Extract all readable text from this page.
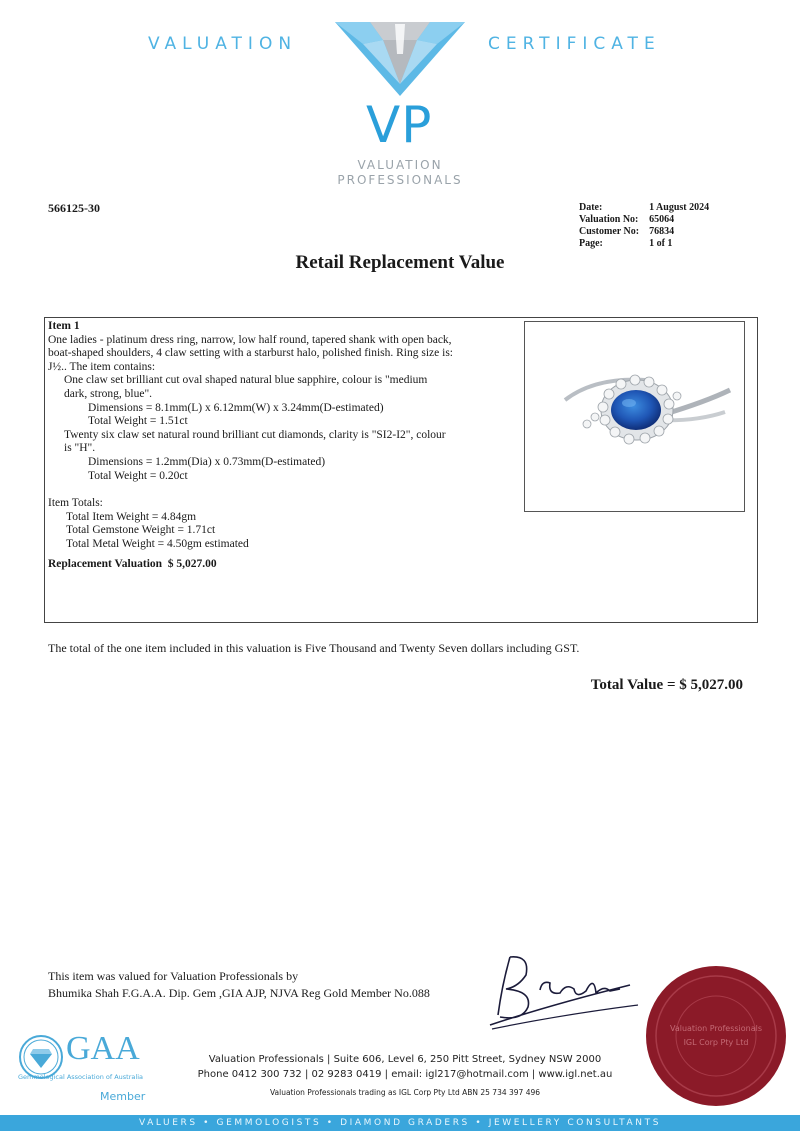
VALUATION	CERTIFICATE
VP
VALUATION
PROFESSIONALS
566125-30	Date:	1 August 2024
Valuation No:	65064
Customer No:	76834
Page:	1 of 1
Retail Replacement Value
Item 1
One ladies - platinum dress ring, narrow, low half round, tapered shank with open back,
boat-shaped shoulders, 4 claw setting with a starburst halo, polished finish. Ring size is:
J½.. The item contains:
One claw set brilliant cut oval shaped natural blue sapphire, colour is "medium
dark, strong, blue".
Dimensions = 8.1mm(L) x 6.12mm(W) x 3.24mm(D-estimated)
Total Weight = 1.51ct
Twenty six claw set natural round brilliant cut diamonds, clarity is "SI2-I2", colour
is "H".
Dimensions = 1.2mm(Dia) x 0.73mm(D-estimated)
Total Weight = 0.20ct
Item Totals:
Total Item Weight = 4.84gm
Total Gemstone Weight = 1.71ct
Total Metal Weight = 4.50gm estimated
Replacement Valuation $ 5,027.00
The total of the one item included in this valuation is Five Thousand and Twenty Seven dollars including GST.
Total Value = $ 5,027.00
This item was valued for Valuation Professionals by
Bhumika Shah F.G.A.A. Dip. Gem ,GIA AJP, NJVA Reg Gold Member No.088
Valuation Professionals
IGL Corp Pty Ltd
GAA
Gemmological Association of Australia
Member
Valuation Professionals | Suite 606, Level 6, 250 Pitt Street, Sydney NSW 2000
Phone 0412 300 732 | 02 9283 0419 | email: igl217@hotmail.com | www.igl.net.au
Valuation Professionals trading as IGL Corp Pty Ltd ABN 25 734 397 496
VALUERS • GEMMOLOGISTS • DIAMOND GRADERS • JEWELLERY CONSULTANTS
